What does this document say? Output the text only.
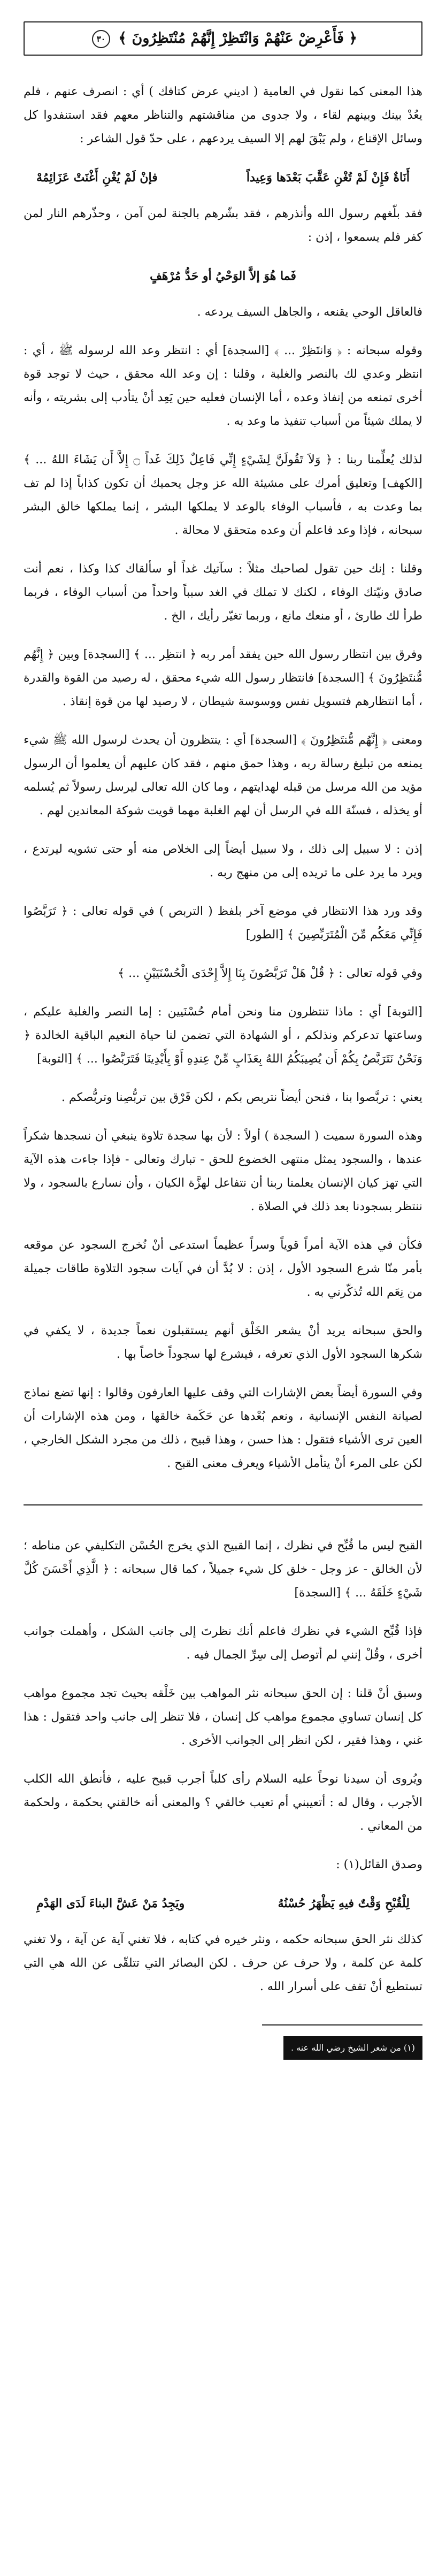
﴿ فَأَعْرِضْ عَنْهُمْ وَانْتَظِرْ إِنَّهُمْ مُنْتَظِرُونَ ﴾ ٣٠

هذا المعنى كما نقول في العامية ( اديني عرض كتافك ) أي : انصرف عنهم ، فلم يعُدْ بينك وبينهم لقاء ، ولا جدوى من مناقشتهم والتناظر معهم فقد استنفدوا كل وسائل الإقناع ، ولم يَبْقَ لهم إلا السيف يردعهم ، على حدّ قول الشاعر :

أَنَاةٌ فَإِنْ لَمْ تُغْنِ عَقَّبَ بَعْدَها وَعِيداً
فإنْ لَمْ يُغْنِ أَغْنَتْ عَزَائِمُهْ

فقد بلّغهم رسول الله وأنذرهم ، فقد بشّرهم بالجنة لمن آمن ، وحذّرهم النار لمن كفر فلم يسمعوا ، إذن :

فَما هُوَ إلاَّ الوَحْيُ أو حَدُّ مُرْهَفٍ

فالعاقل الوحي يقنعه ، والجاهل السيف يردعه .

وقوله سبحانه : ﴿ وَانتَظِرْ ... ﴾ [السجدة] أي : انتظر وعد الله لرسوله ﷺ ، أي : انتظر وعدي لك بالنصر والغلبة ، وقلنا : إن وعد الله محقق ، حيث لا توجد قوة أخرى تمنعه من إنفاذ وعده ، أما الإنسان فعليه حين يَعِد أنْ يتأدب إلى بشريته ، وأنه لا يملك شيئاً من أسباب تنفيذ ما وعد به .

لذلك يُعلِّمنا ربنا : ﴿ وَلاَ تَقُولَنَّ لِشَيْءٍ إِنِّي فَاعِلٌ ذَلِكَ غَداً ۝ إِلاَّ أَن يَشَاءَ اللهُ ... ﴾ [الكهف] وتعليق أمرك على مشيئة الله عز وجل يحميك أن تكون كذاباً إذا لم تف بما وعدت به ، فأسباب الوفاء بالوعد لا يملكها البشر ، إنما يملكها خالق البشر سبحانه ، فإذا وعد فاعلم أن وعده متحقق لا محالة .

وقلنا : إنك حين تقول لصاحبك مثلاً : سآتيك غداً أو سألقاك كذا وكذا ، نعم أنت صادق ونيّتك الوفاء ، لكنك لا تملك في الغد سبباً واحداً من أسباب الوفاء ، فربما طرأ لك طارئ ، أو منعك مانع ، وربما تغيّر رأيك ، الخ .

وفرق بين انتظار رسول الله حين يفقد أمر ربه ﴿ انتظِر ... ﴾ [السجدة] وبين ﴿ إِنَّهُم مُّنتَظِرُونَ ﴾ [السجدة] فانتظار رسول الله شيء محقق ، له رصيد من القوة والقدرة ، أما انتظارهم فتسويل نفس ووسوسة شيطان ، لا رصيد لها من قوة إنقاذ .

ومعنى ﴿ إِنَّهُم مُّنتَظِرُونَ ﴾ [السجدة] أي : ينتظرون أن يحدث لرسول الله ﷺ شيء يمنعه من تبليغ رسالة ربه ، وهذا حمق منهم ، فقد كان عليهم أن يعلموا أن الرسول مؤيد من الله مرسل من قبله لهدايتهم ، وما كان الله تعالى ليرسل رسولاً ثم يُسلمه أو يخذله ، فسنّة الله في الرسل أن لهم الغلبة مهما قويت شوكة المعاندين لهم .

إذن : لا سبيل إلى ذلك ، ولا سبيل أيضاً إلى الخلاص منه أو حتى تشويه ليرتدع ، ويرد ما يرد على ما تريده إلى من منهج ربه .

وقد ورد هذا الانتظار في موضع آخر بلفظ ( التربص ) في قوله تعالى : ﴿ تَرَبَّصُوا فَإِنِّي مَعَكُم مِّنَ الْمُتَرَبِّصِينَ ﴾ [الطور]

وفي قوله تعالى : ﴿ قُلْ هَلْ تَرَبَّصُونَ بِنَا إِلاَّ إِحْدَى الْحُسْنَيَيْنِ ... ﴾

[التوبة] أي : ماذا تنتظرون منا ونحن أمام حُسْنَيين : إما النصر والغلبة عليكم ، وساعتها تدعركم ونذلكم ، أو الشهادة التي تضمن لنا حياة النعيم الباقية الخالدة ﴿ وَنَحْنُ نَتَرَبَّصُ بِكُمْ أَن يُصِيبَكُمُ اللهُ بِعَذَابٍ مِّنْ عِندِهِ أَوْ بِأَيْدِينَا فَتَرَبَّصُوا ... ﴾ [التوبة]

يعني : تربَّصوا بنا ، فنحن أيضاً نتربص بكم ، لكن فَرْق بين تربُّصِنا وتربُّصكم .

وهذه السورة سميت ( السجدة ) أولاً : لأن بها سجدة تلاوة ينبغي أن نسجدها شكراً عندها ، والسجود يمثل منتهى الخضوع للحق - تبارك وتعالى - فإذا جاءت هذه الآية التي تهز كيان الإنسان يعلمنا ربنا أن نتفاعل لهزَّة الكيان ، وأن نسارع بالسجود ، ولا ننتظر بسجودنا بعد ذلك في الصلاة .

فكأن في هذه الآية أمراً قوياً وسراً عظيماً استدعى أنْ نُخرج السجود عن موقعه بأمر منّا شرع السجود الأول ، إذن : لا بُدَّ أن في آيات سجود التلاوة طاقات جميلة من نِعَم الله تُذكّرني به .

والحق سبحانه يريد أنْ يشعر الخَلْق أنهم يستقبلون نعماً جديدة ، لا يكفي في شكرها السجود الأول الذي تعرفه ، فيشرع لها سجوداً خاصاً بها .

وفي السورة أيضاً بعض الإشارات التي وقف عليها العارفون وقالوا : إنها تضع نماذج لصيانة النفس الإنسانية ، ونعم بُعْدها عن حَكَمة خالقها ، ومن هذه الإشارات أن العين ترى الأشياء فتقول : هذا حسن ، وهذا قبيح ، ذلك من مجرد الشكل الخارجي ، لكن على المرء أنْ يتأمل الأشياء ويعرف معنى القبح .

القبح ليس ما قُبِّح في نظرك ، إنما القبيح الذي يخرج الحُسْن التكليفي عن مناطه ؛ لأن الخالق - عز وجل - خلق كل شيء جميلاً ، كما قال سبحانه : ﴿ الَّذِي أَحْسَنَ كُلَّ شَيْءٍ خَلَقَهُ ... ﴾ [السجدة]

فإذا قُبِّح الشيء في نظرك فاعلم أنك نظرتَ إلى جانب الشكل ، وأهملت جوانب أخرى ، وقُلْ إنني لم أتوصل إلى سِرِّ الجمال فيه .

وسبق أنْ قلنا : إن الحق سبحانه نثر المواهب بين خَلْقه بحيث تجد مجموع مواهب كل إنسان تساوي مجموع مواهب كل إنسان ، فلا تنظر إلى جانب واحد فتقول : هذا غني ، وهذا فقير ، لكن انظر إلى الجوانب الأخرى .

ويُروى أن سيدنا نوحاً عليه السلام رأى كلباً أجرب قبيح عليه ، فأنطق الله الكلب الأجرب ، وقال له : أتعيبني أم تعيب خالقي ؟ والمعنى أنه خالقني بحكمة ، ولحكمة من المعاني .

وصدق القائل(١) :

لِلْقُبْحِ وَقْتٌ فيهِ يَظْهَرُ حُسْنُهُ
ويَجِدُ مَنْ عَشَّ البناءَ لَدَى الهَدْمِ

كذلك نثر الحق سبحانه حكمه ، ونثر خيره في كتابه ، فلا تغني آية عن آية ، ولا تغني كلمة عن كلمة ، ولا حرف عن حرف . لكن البصائر التي تتلقّى عن الله هي التي تستطيع أنْ تقف على أسرار الله .

(١) من شعر الشيخ رضي الله عنه .
